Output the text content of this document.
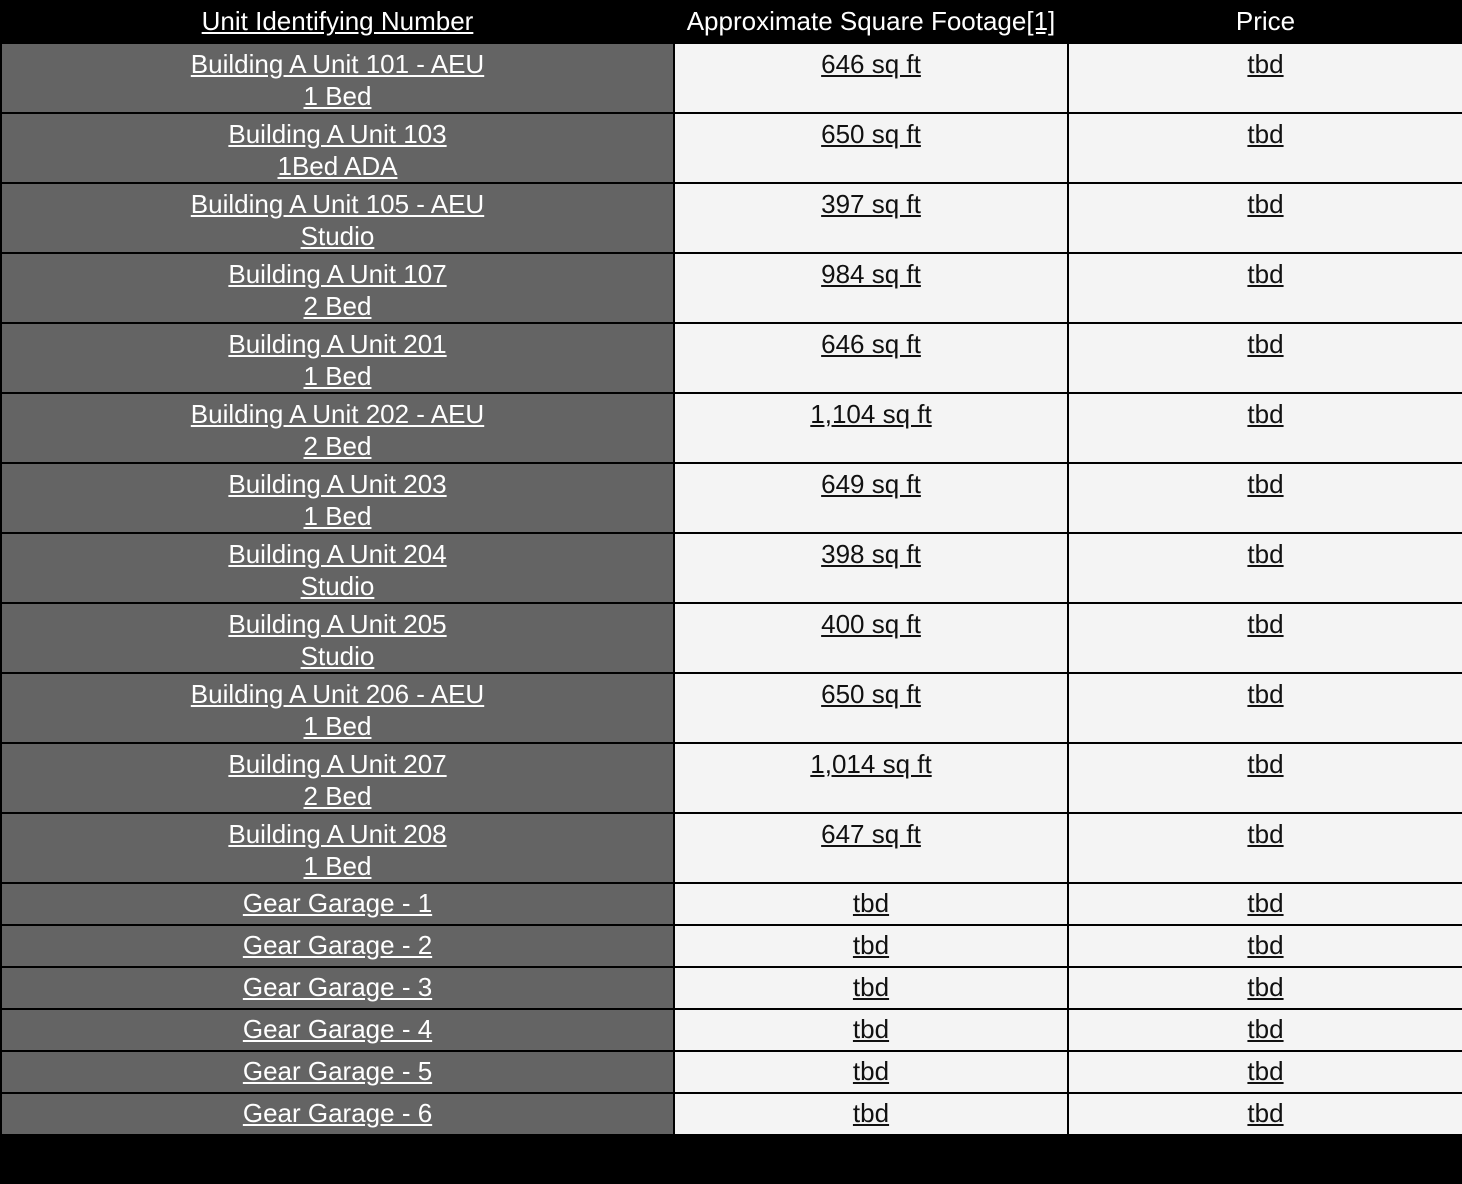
Unit Identifying Number	Approximate Square Footage[1]	Price

Building A Unit 101 - AEU
1 Bed	646 sq ft	tbd

Building A Unit 103
1Bed ADA	650 sq ft	tbd

Building A Unit 105 - AEU
Studio	397 sq ft	tbd

Building A Unit 107
2 Bed	984 sq ft	tbd

Building A Unit 201
1 Bed	646 sq ft	tbd

Building A Unit 202 - AEU
2 Bed	1,104 sq ft	tbd

Building A Unit 203
1 Bed	649 sq ft	tbd

Building A Unit 204
Studio	398 sq ft	tbd

Building A Unit 205
Studio	400 sq ft	tbd

Building A Unit 206 - AEU
1 Bed	650 sq ft	tbd

Building A Unit 207
2 Bed	1,014 sq ft	tbd

Building A Unit 208
1 Bed	647 sq ft	tbd

Gear Garage - 1	tbd	tbd

Gear Garage - 2	tbd	tbd

Gear Garage - 3	tbd	tbd

Gear Garage - 4	tbd	tbd

Gear Garage - 5	tbd	tbd

Gear Garage - 6	tbd	tbd
